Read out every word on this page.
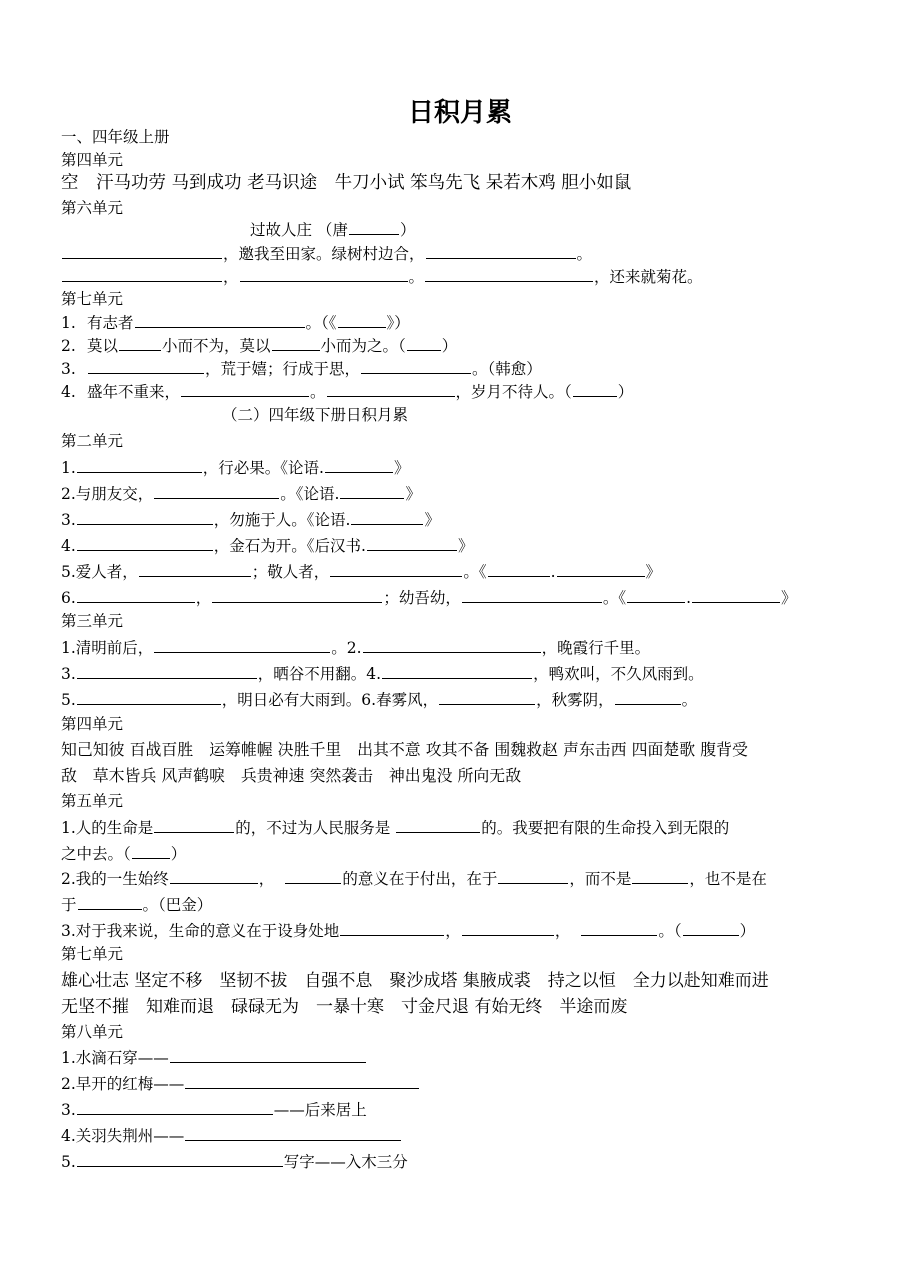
日积月累
一、四年级上册
第四单元
空　汗马功劳 马到成功 老马识途　牛刀小试 笨鸟先飞 呆若木鸡 胆小如鼠
第六单元
过故人庄 （唐	）
，邀我至田家。绿树村边合，	。
，	。	，还来就菊花。
第七单元
1. 有志者	。（《	》）
2. 莫以	小而不为，莫以	小而为之。（ ）
3.	，荒于嬉；行成于思，	。（韩愈）
4. 盛年不重来，	。	，岁月不待人。（	）
（二）四年级下册日积月累
第二单元
1.	，行必果。《论语.	》
2.与朋友交，	。《论语.	》
3.	，勿施于人。《论语.	》
4.	，金石为开。《后汉书.	》
5.爱人者，	；敬人者，	。《	.	》
6.	，	；幼吾幼，	。《	.	》
第三单元
1.清明前后，	。2.	，晚霞行千里。
3.	，晒谷不用翻。4.	，鸭欢叫，不久风雨到。
5.	，明日必有大雨到。6.春雾风，	，秋雾阴，	。
第四单元
知己知彼 百战百胜　运筹帷幄 决胜千里　出其不意 攻其不备 围魏救赵 声东击西 四面楚歌 腹背受
敌　草木皆兵 风声鹤唳　兵贵神速 突然袭击　神出鬼没 所向无敌
第五单元
1.人的生命是	的，不过为人民服务是	的。我要把有限的生命投入到无限的
之中去。（	）
2.我的一生始终	，	的意义在于付出，在于	，而不是	，也不是在
于	。（巴金）
3.对于我来说，生命的意义在于设身处地	，	，	。（	）
第七单元
雄心壮志 坚定不移　坚韧不拔　自强不息　聚沙成塔 集腋成裘　持之以恒　全力以赴知难而进
无坚不摧　知难而退　碌碌无为　一暴十寒　寸金尺退 有始无终　半途而废
第八单元
1.水滴石穿——
2.早开的红梅——
3.	——后来居上
4.关羽失荆州——
5.	写字——入木三分
